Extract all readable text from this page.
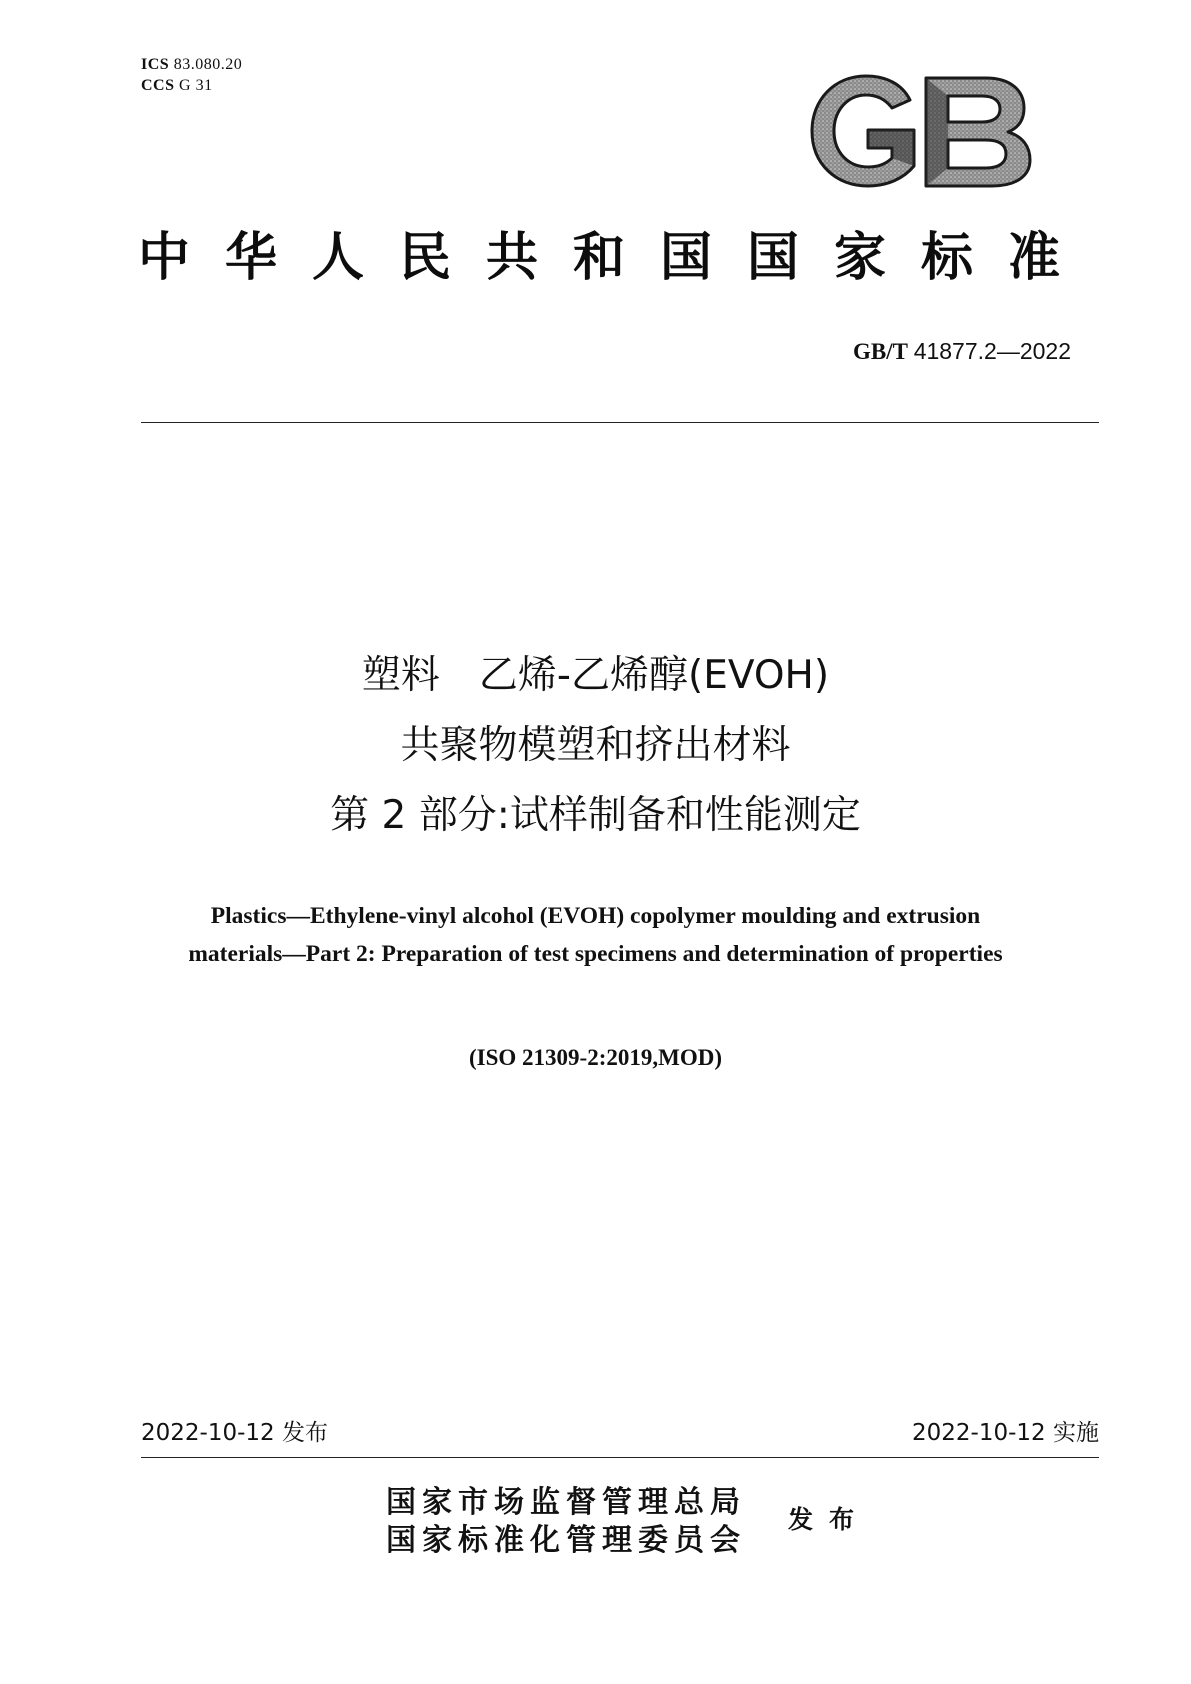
ICS 83.080.20
CCS G 31
中华人民共和国国家标准
GB/T 41877.2—2022
塑料　乙烯-乙烯醇(EVOH)
共聚物模塑和挤出材料
第 2 部分:试样制备和性能测定
Plastics—Ethylene-vinyl alcohol (EVOH) copolymer moulding and extrusion
materials—Part 2: Preparation of test specimens and determination of properties
(ISO 21309-2:2019,MOD)
2022-10-12 发布	2022-10-12 实施
国家市场监督管理总局
国家标准化管理委员会
发布
